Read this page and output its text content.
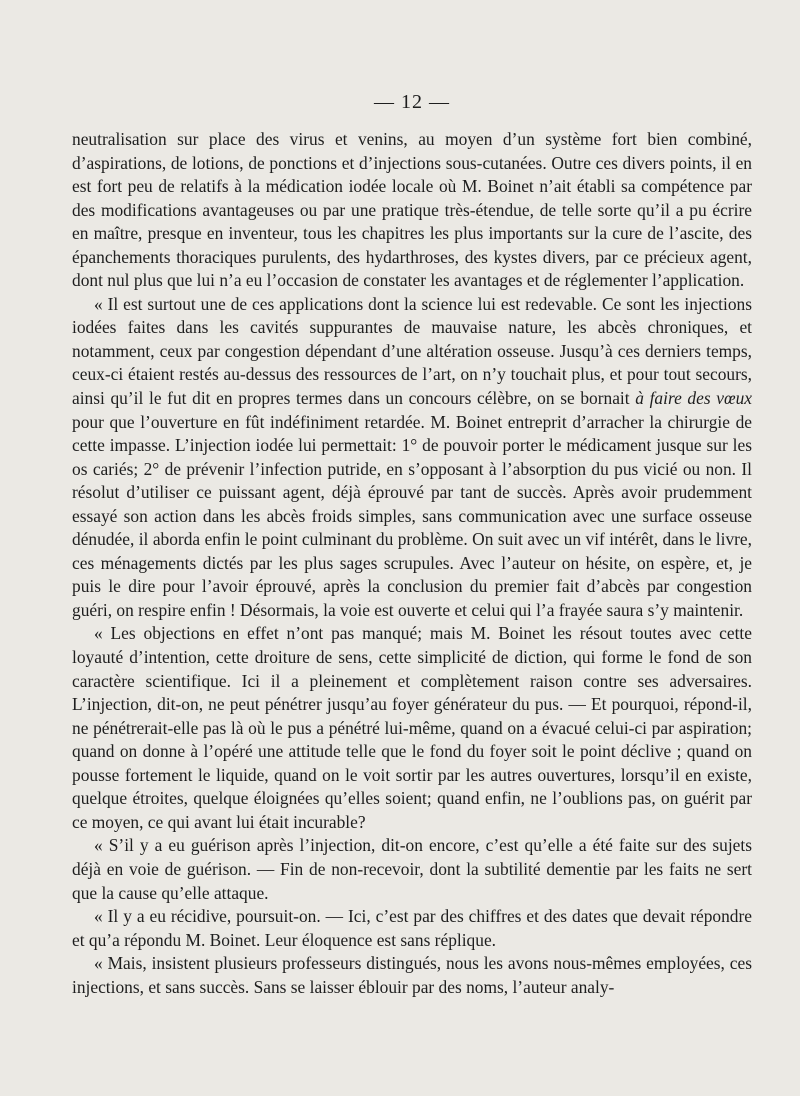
— 12 —

neutralisation sur place des virus et venins, au moyen d’un système fort bien combiné, d’aspirations, de lotions, de ponctions et d’injections sous-cutanées. Outre ces divers points, il en est fort peu de relatifs à la médication iodée locale où M. Boinet n’ait établi sa compétence par des modifications avantageuses ou par une pratique très-étendue, de telle sorte qu’il a pu écrire en maître, presque en inventeur, tous les chapitres les plus importants sur la cure de l’ascite, des épanchements thoraciques purulents, des hydarthroses, des kystes divers, par ce précieux agent, dont nul plus que lui n’a eu l’occasion de constater les avantages et de réglementer l’application.

« Il est surtout une de ces applications dont la science lui est redevable. Ce sont les injections iodées faites dans les cavités suppurantes de mauvaise nature, les abcès chroniques, et notamment, ceux par congestion dépendant d’une altération osseuse. Jusqu’à ces derniers temps, ceux-ci étaient restés au-dessus des ressources de l’art, on n’y touchait plus, et pour tout secours, ainsi qu’il le fut dit en propres termes dans un concours célèbre, on se bornait à faire des vœux pour que l’ouverture en fût indéfiniment retardée. M. Boinet entreprit d’arracher la chirurgie de cette impasse. L’injection iodée lui permettait: 1° de pouvoir porter le médicament jusque sur les os cariés; 2° de prévenir l’infection putride, en s’opposant à l’absorption du pus vicié ou non. Il résolut d’utiliser ce puissant agent, déjà éprouvé par tant de succès. Après avoir prudemment essayé son action dans les abcès froids simples, sans communication avec une surface osseuse dénudée, il aborda enfin le point culminant du problème. On suit avec un vif intérêt, dans le livre, ces ménagements dictés par les plus sages scrupules. Avec l’auteur on hésite, on espère, et, je puis le dire pour l’avoir éprouvé, après la conclusion du premier fait d’abcès par congestion guéri, on respire enfin ! Désormais, la voie est ouverte et celui qui l’a frayée saura s’y maintenir.

« Les objections en effet n’ont pas manqué; mais M. Boinet les résout toutes avec cette loyauté d’intention, cette droiture de sens, cette simplicité de diction, qui forme le fond de son caractère scientifique. Ici il a pleinement et complètement raison contre ses adversaires. L’injection, dit-on, ne peut pénétrer jusqu’au foyer générateur du pus. — Et pourquoi, répond-il, ne pénétrerait-elle pas là où le pus a pénétré lui-même, quand on a évacué celui-ci par aspiration; quand on donne à l’opéré une attitude telle que le fond du foyer soit le point déclive ; quand on pousse fortement le liquide, quand on le voit sortir par les autres ouvertures, lorsqu’il en existe, quelque étroites, quelque éloignées qu’elles soient; quand enfin, ne l’oublions pas, on guérit par ce moyen, ce qui avant lui était incurable?

« S’il y a eu guérison après l’injection, dit-on encore, c’est qu’elle a été faite sur des sujets déjà en voie de guérison. — Fin de non-recevoir, dont la subtilité dementie par les faits ne sert que la cause qu’elle attaque.

« Il y a eu récidive, poursuit-on. — Ici, c’est par des chiffres et des dates que devait répondre et qu’a répondu M. Boinet. Leur éloquence est sans réplique.

« Mais, insistent plusieurs professeurs distingués, nous les avons nous-mêmes employées, ces injections, et sans succès. Sans se laisser éblouir par des noms, l’auteur analy-
